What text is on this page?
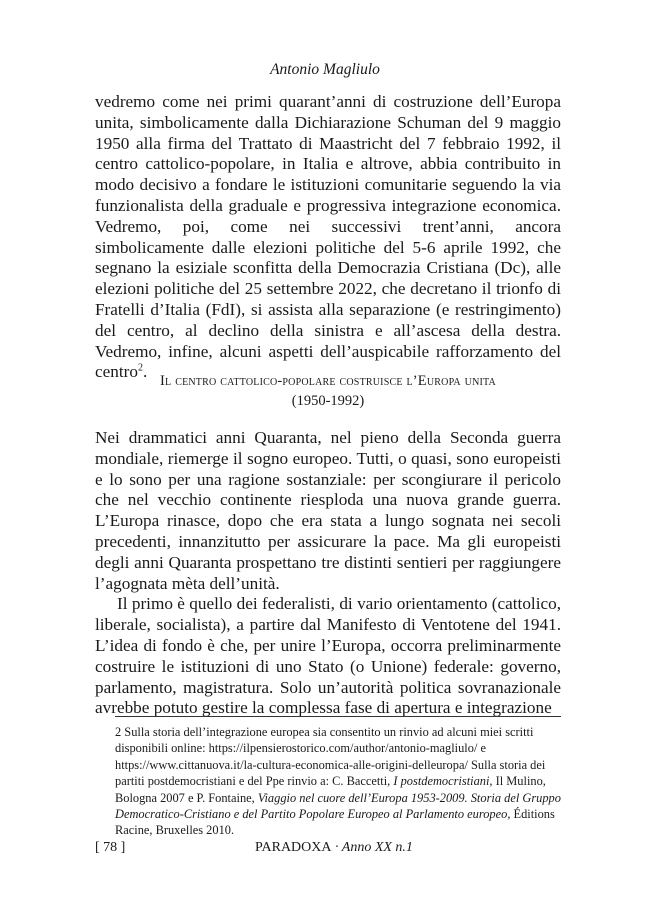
Antonio Magliulo

vedremo come nei primi quarant’anni di costruzione dell’Europa unita, simbolicamente dalla Dichiarazione Schuman del 9 maggio 1950 alla firma del Trattato di Maastricht del 7 febbraio 1992, il centro cattolico-popolare, in Italia e altrove, abbia contribuito in modo decisivo a fondare le istituzioni comunitarie seguendo la via funzionalista della graduale e progressiva integrazione economica. Vedremo, poi, come nei successivi trent’anni, ancora simbolicamente dalle elezioni politiche del 5-6 aprile 1992, che segnano la esiziale sconfitta della Democrazia Cristiana (Dc), alle elezioni politiche del 25 settembre 2022, che decretano il trionfo di Fratelli d’Italia (FdI), si assista alla separazione (e restringimento) del centro, al declino della sinistra e all’ascesa della destra. Vedremo, infine, alcuni aspetti dell’auspicabile rafforzamento del centro$^2$. Il centro cattolico-popolare costruisce l’Europa unita
(1950-1992)

Nei drammatici anni Quaranta, nel pieno della Seconda guerra mondiale, riemerge il sogno europeo. Tutti, o quasi, sono europeisti e lo sono per una ragione sostanziale: per scongiurare il pericolo che nel vecchio continente riesploda una nuova grande guerra. L’Europa rinasce, dopo che era stata a lungo sognata nei secoli precedenti, innanzitutto per assicurare la pace. Ma gli europeisti degli anni Quaranta prospettano tre distinti sentieri per raggiungere l’agognata mèta dell’unità.

Il primo è quello dei federalisti, di vario orientamento (cattolico, liberale, socialista), a partire dal Manifesto di Ventotene del 1941. L’idea di fondo è che, per unire l’Europa, occorra preliminarmente costruire le istituzioni di uno Stato (o Unione) federale: governo, parlamento, magistratura. Solo un’autorità politica sovranazionale avrebbe potuto gestire la complessa fase di apertura e integrazione

2 Sulla storia dell’integrazione europea sia consentito un rinvio ad alcuni miei scritti disponibili online: https://ilpensierostorico.com/author/antonio-magliulo/ e https://www.cittanuova.it/la-cultura-economica-alle-origini-delleuropa/ Sulla storia dei partiti postdemocristiani e del Ppe rinvio a: C. Baccetti, I postdemocristiani, Il Mulino, Bologna 2007 e P. Fontaine, Viaggio nel cuore dell’Europa 1953-2009. Storia del Gruppo Democratico-Cristiano e del Partito Popolare Europeo al Parlamento europeo, Éditions Racine, Bruxelles 2010.

[ 78 ]	PARADOXA · Anno XX n.1
